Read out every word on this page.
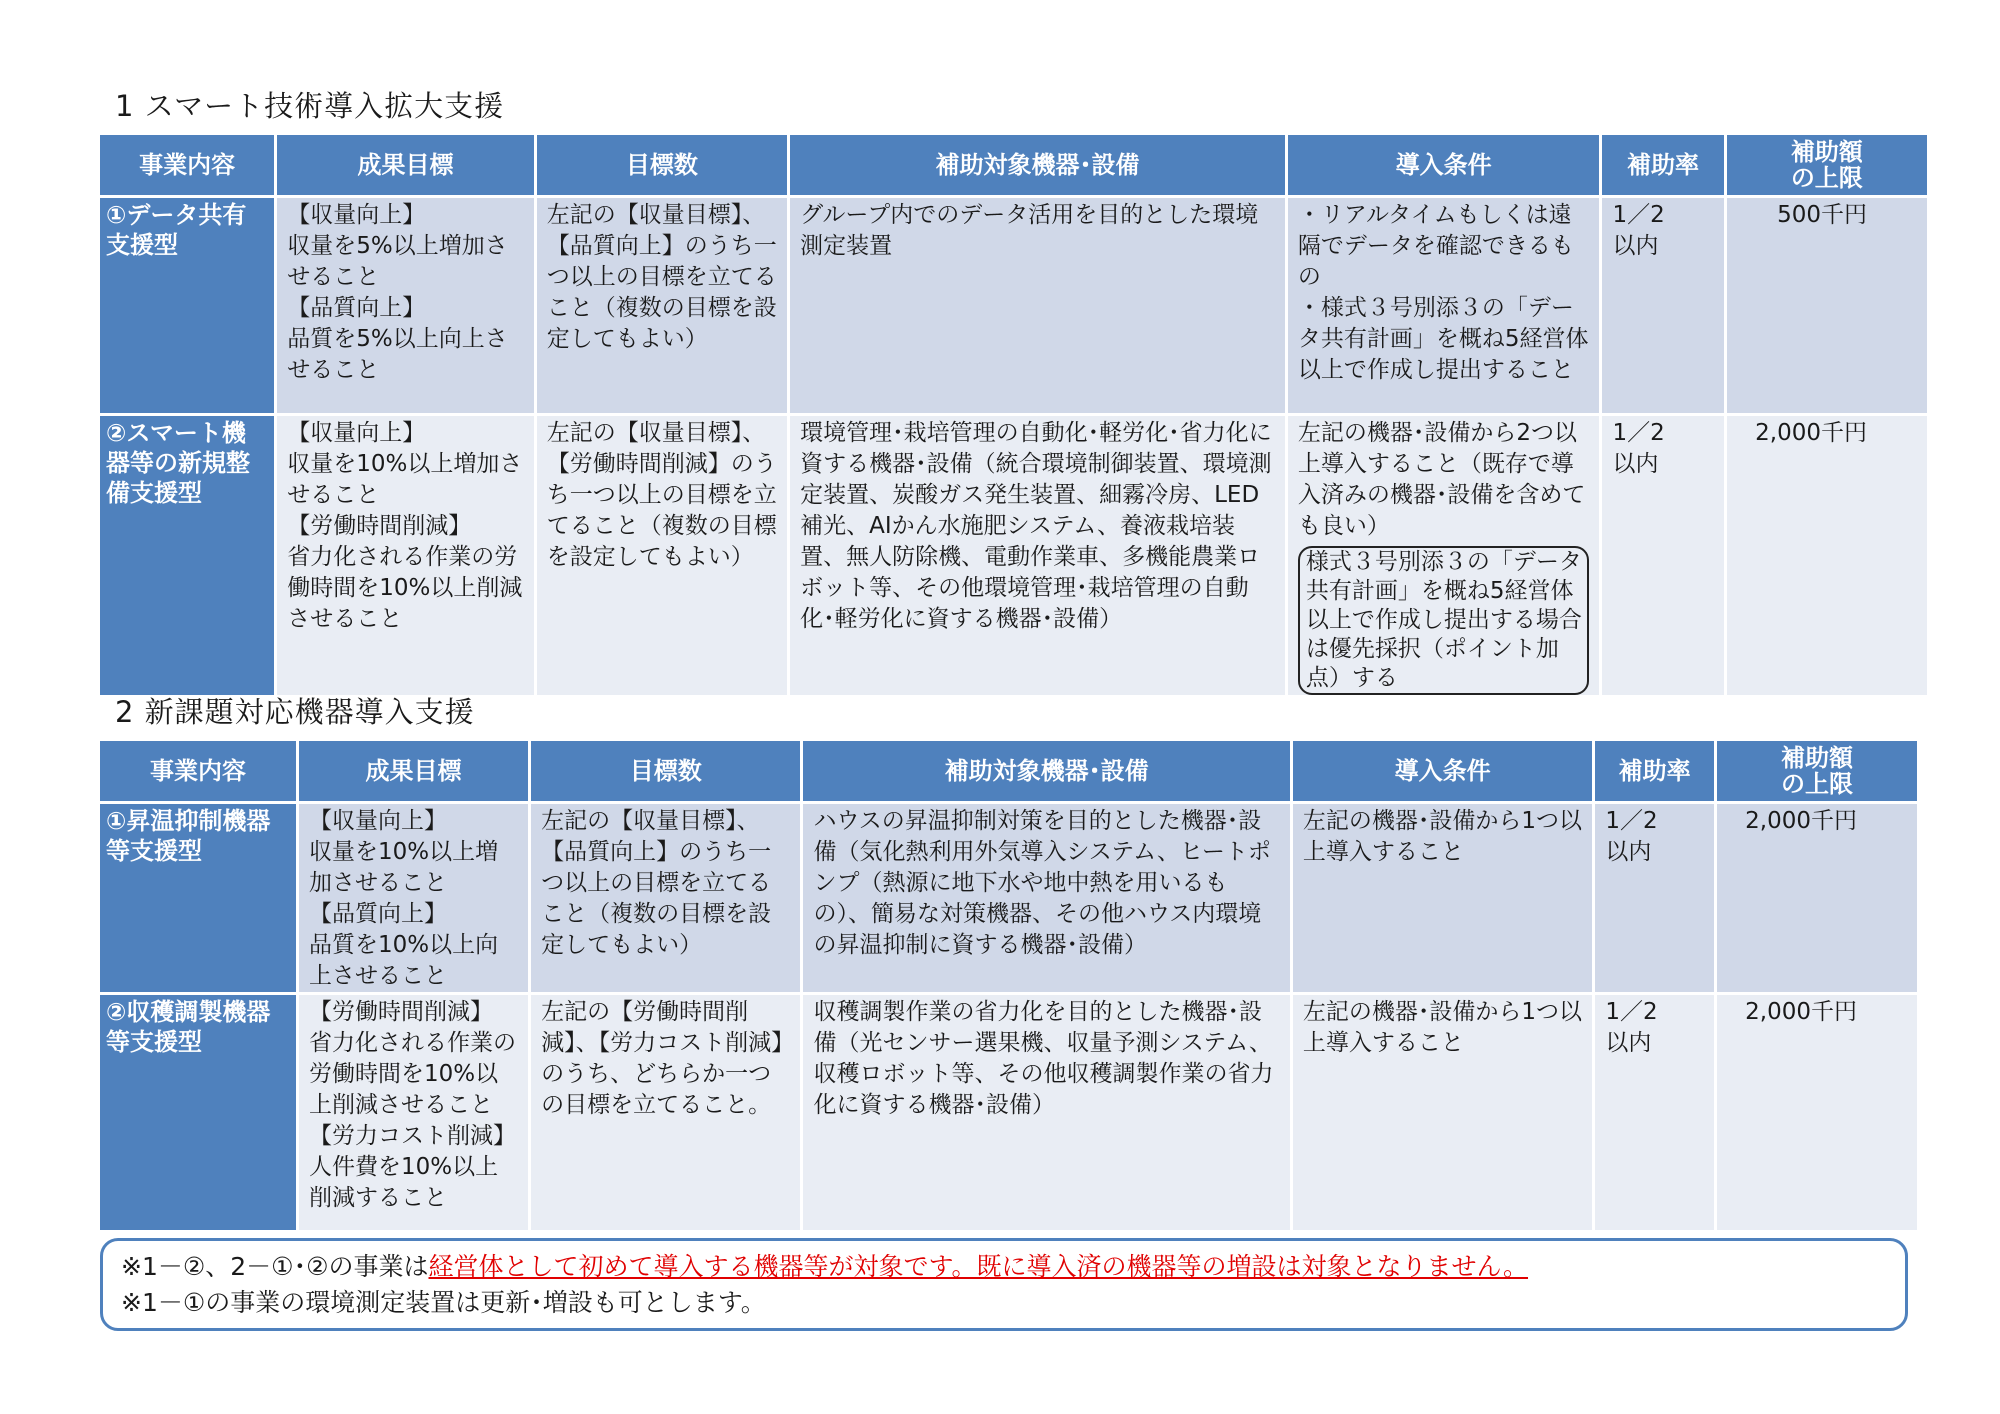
1 スマート技術導入拡大支援
事業内容	成果目標	目標数	補助対象機器･設備	導入条件	補助率	補助額
の上限

①データ共有支援型	【収量向上】
収量を5%以上増加させること
【品質向上】
品質を5%以上向上させること	左記の【収量目標】、【品質向上】のうち一つ以上の目標を立てること（複数の目標を設定してもよい）	グループ内でのデータ活用を目的とした環境測定装置	・リアルタイムもしくは遠隔でデータを確認できるもの
・様式３号別添３の「データ共有計画」を概ね5経営体以上で作成し提出すること	1／2
以内	500千円
②スマート機器等の新規整備支援型	【収量向上】
収量を10%以上増加させること
【労働時間削減】
省力化される作業の労働時間を10%以上削減させること	左記の【収量目標】、【労働時間削減】のうち一つ以上の目標を立てること（複数の目標を設定してもよい）	環境管理･栽培管理の自動化･軽労化･省力化に資する機器･設備（統合環境制御装置、環境測定装置、炭酸ガス発生装置、細霧冷房、LED補光、AIかん水施肥システム、養液栽培装置、無人防除機、電動作業車、多機能農業ロボット等、その他環境管理･栽培管理の自動化･軽労化に資する機器･設備）	左記の機器･設備から2つ以上導入すること（既存で導入済みの機器･設備を含めても良い）
様式３号別添３の「データ共有計画」を概ね5経営体以上で作成し提出する場合は優先採択（ポイント加点）する	1／2
以内	2,000千円
2 新課題対応機器導入支援
事業内容	成果目標	目標数	補助対象機器･設備	導入条件	補助率	補助額
の上限

①昇温抑制機器等支援型	【収量向上】
収量を10%以上増加させること
【品質向上】
品質を10%以上向上させること	左記の【収量目標】、【品質向上】のうち一つ以上の目標を立てること（複数の目標を設定してもよい）	ハウスの昇温抑制対策を目的とした機器･設備（気化熱利用外気導入システム、ヒートポンプ（熱源に地下水や地中熱を用いるもの）、簡易な対策機器、その他ハウス内環境の昇温抑制に資する機器･設備）	左記の機器･設備から1つ以上導入すること	1／2
以内	2,000千円
②収穫調製機器等支援型	【労働時間削減】
省力化される作業の労働時間を10%以上削減させること
【労力コスト削減】
人件費を10%以上削減すること	左記の【労働時間削減】、【労力コスト削減】のうち、どちらか一つの目標を立てること。	収穫調製作業の省力化を目的とした機器･設備（光センサー選果機、収量予測システム、収穫ロボット等、その他収穫調製作業の省力化に資する機器･設備）	左記の機器･設備から1つ以上導入すること	1／2
以内	2,000千円
※1－②、2－①･②の事業は経営体として初めて導入する機器等が対象です。既に導入済の機器等の増設は対象となりません。
※1－①の事業の環境測定装置は更新･増設も可とします。
